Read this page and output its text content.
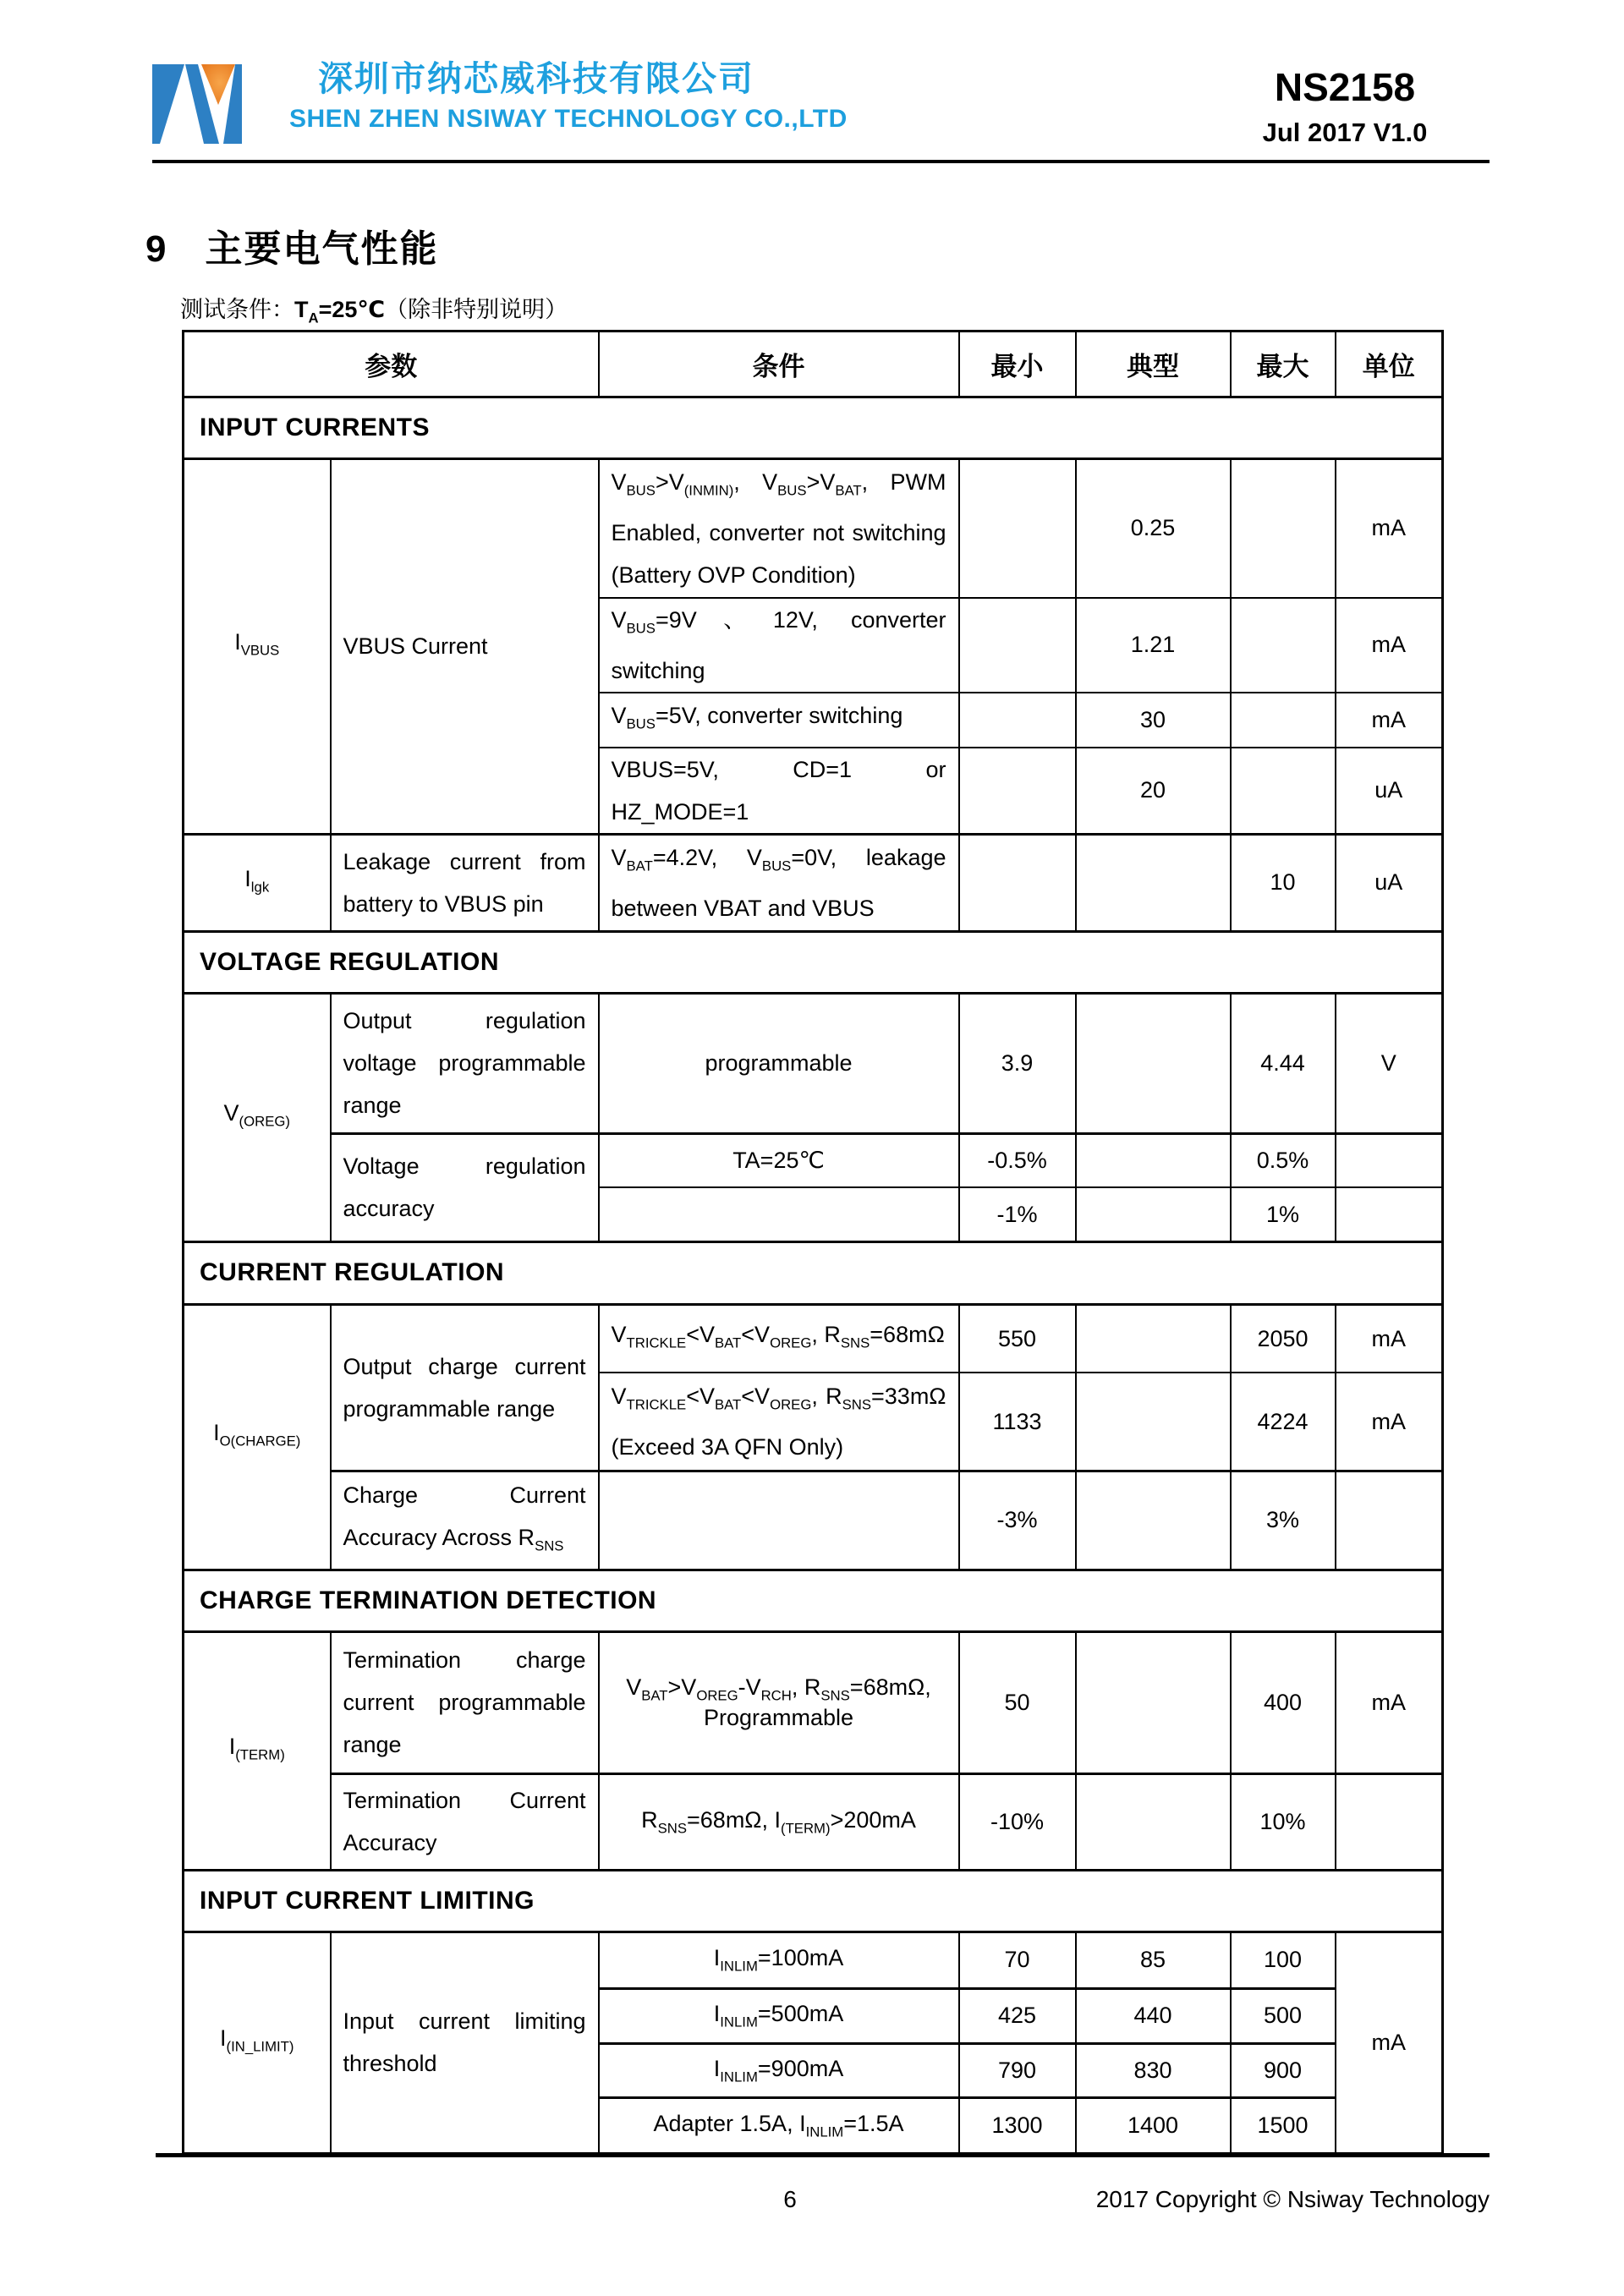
深圳市纳芯威科技有限公司
SHEN ZHEN NSIWAY TECHNOLOGY CO.,LTD
NS2158
Jul 2017 V1.0
9 主要电气性能
测试条件：$T_A=25℃$（除非特别说明）
参数		条件	最小	典型	最大	单位
INPUT CURRENTS						
$I_{VBUS}$	VBUS Current	$V_{BUS}>V_{(INMIN)}$, $V_{BUS}>V_{BAT}$, PWM Enabled, converter not switching (Battery OVP Condition)		0.25		mA
		$V_{BUS}=9V$、12V, converter switching		1.21		mA
		$V_{BUS}=5V$, converter switching		30		mA
		VBUS=5V, CD=1 or HZ_MODE=1		20		uA
$I_{lgk}$	Leakage current from battery to VBUS pin	$V_{BAT}=4.2V$, $V_{BUS}=0V$, leakage between VBAT and VBUS			10	uA
VOLTAGE REGULATION						
$V_{(OREG)}$	Output regulation voltage programmable range	programmable	3.9		4.44	V
	Voltage regulation accuracy	TA=25℃	-0.5%		0.5%	
			-1%		1%	
CURRENT REGULATION						
$I_{O(CHARGE)}$	Output charge current programmable range	$V_{TRICKLE}<V_{BAT}<V_{OREG}$, $R_{SNS}=68m\Omega$	550		2050	mA
		$V_{TRICKLE}<V_{BAT}<V_{OREG}$, $R_{SNS}=33m\Omega$ (Exceed 3A QFN Only)	1133		4224	mA
	Charge Current Accuracy Across $R_{SNS}$		-3%		3%	
CHARGE TERMINATION DETECTION						
$I_{(TERM)}$	Termination charge current programmable range	$V_{BAT}>V_{OREG}-V_{RCH}$, $R_{SNS}=68m\Omega$, Programmable	50		400	mA
	Termination Current Accuracy	$R_{SNS}=68m\Omega$, $I_{(TERM)}>200mA$	-10%		10%	
INPUT CURRENT LIMITING						
$I_{(IN\_LIMIT)}$	Input current limiting threshold	$I_{INLIM}=100mA$	70	85	100	mA
		$I_{INLIM}=500mA$	425	440	500	
		$I_{INLIM}=900mA$	790	830	900	
		Adapter 1.5A, $I_{INLIM}=1.5A$	1300	1400	1500	
6	2017 Copyright © Nsiway Technology
